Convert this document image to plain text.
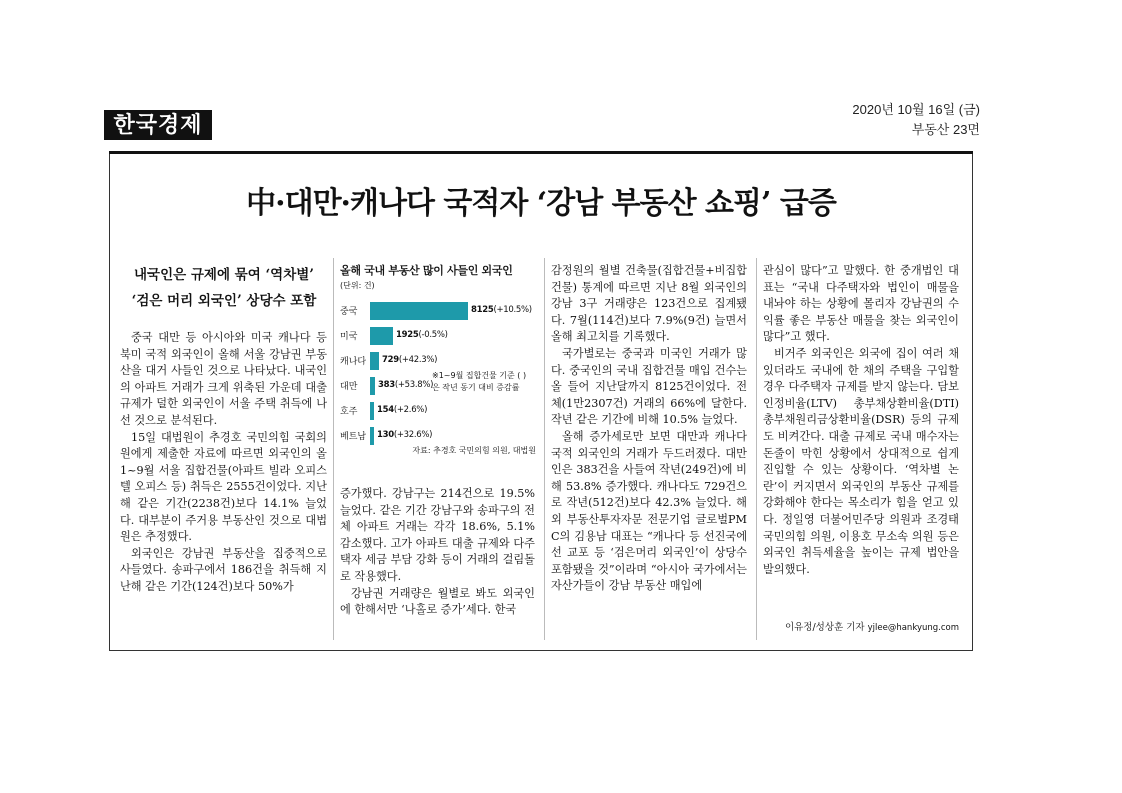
한국경제
2020년 10월 16일 (금)
부동산 23면
中·대만·캐나다 국적자 ‘강남 부동산 쇼핑’ 급증
내국인은 규제에 묶여 ‘역차별’
‘검은 머리 외국인’ 상당수 포함

중국 대만 등 아시아와 미국 캐나다 등 북미 국적 외국인이 올해 서울 강남권 부동산을 대거 사들인 것으로 나타났다. 내국인의 아파트 거래가 크게 위축된 가운데 대출 규제가 덜한 외국인이 서울 주택 취득에 나선 것으로 분석된다.

15일 대법원이 추경호 국민의힘 국회의원에게 제출한 자료에 따르면 외국인의 올 1~9월 서울 집합건물(아파트 빌라 오피스텔 오피스 등) 취득은 2555건이었다. 지난해 같은 기간(2238건)보다 14.1% 늘었다. 대부분이 주거용 부동산인 것으로 대법원은 추정했다.

외국인은 강남권 부동산을 집중적으로 사들였다. 송파구에서 186건을 취득해 지난해 같은 기간(124건)보다 50%가

올해 국내 부동산 많이 사들인 외국인
(단위: 건)
중국	8125(+10.5%)
미국	1925(-0.5%)
캐나다 729(+42.3%)
대만 383(+53.8%)
호주 154(+2.6%)
베트남 130(+32.6%)
※1~9월 집합건물 기준 ( )은 작년 동기 대비 증감률
자료: 추경호 국민의힘 의원, 대법원

증가했다. 강남구는 214건으로 19.5% 늘었다. 같은 기간 강남구와 송파구의 전체 아파트 거래는 각각 18.6%, 5.1% 감소했다. 고가 아파트 대출 규제와 다주택자 세금 부담 강화 등이 거래의 걸림돌로 작용했다.

강남권 거래량은 월별로 봐도 외국인에 한해서만 ‘나홀로 증가’세다. 한국

감정원의 월별 건축물(집합건물+비집합건물) 통계에 따르면 지난 8월 외국인의 강남 3구 거래량은 123건으로 집계됐다. 7월(114건)보다 7.9%(9건) 늘면서 올해 최고치를 기록했다.

국가별로는 중국과 미국인 거래가 많다. 중국인의 국내 집합건물 매입 건수는 올 들어 지난달까지 8125건이었다. 전체(1만2307건) 거래의 66%에 달한다. 작년 같은 기간에 비해 10.5% 늘었다.

올해 증가세로만 보면 대만과 캐나다 국적 외국인의 거래가 두드러졌다. 대만인은 383건을 사들여 작년(249건)에 비해 53.8% 증가했다. 캐나다도 729건으로 작년(512건)보다 42.3% 늘었다. 해외 부동산투자자문 전문기업 글로벌PMC의 김용남 대표는 “캐나다 등 선진국에선 교포 등 ‘검은머리 외국인’이 상당수 포함됐을 것”이라며 “아시아 국가에서는 자산가들이 강남 부동산 매입에

관심이 많다”고 말했다. 한 중개법인 대표는 “국내 다주택자와 법인이 매물을 내놔야 하는 상황에 몰리자 강남권의 수익률 좋은 부동산 매물을 찾는 외국인이 많다”고 했다.

비거주 외국인은 외국에 집이 여러 채 있더라도 국내에 한 채의 주택을 구입할 경우 다주택자 규제를 받지 않는다. 담보인정비율(LTV) 총부채상환비율(DTI) 총부채원리금상환비율(DSR) 등의 규제도 비켜간다. 대출 규제로 국내 매수자는 돈줄이 막힌 상황에서 상대적으로 쉽게 진입할 수 있는 상황이다. ‘역차별 논란’이 커지면서 외국인의 부동산 규제를 강화해야 한다는 목소리가 힘을 얻고 있다. 정일영 더불어민주당 의원과 조경태 국민의힘 의원, 이용호 무소속 의원 등은 외국인 취득세율을 높이는 규제 법안을 발의했다.

이유정/성상훈 기자 yjlee@hankyung.com
